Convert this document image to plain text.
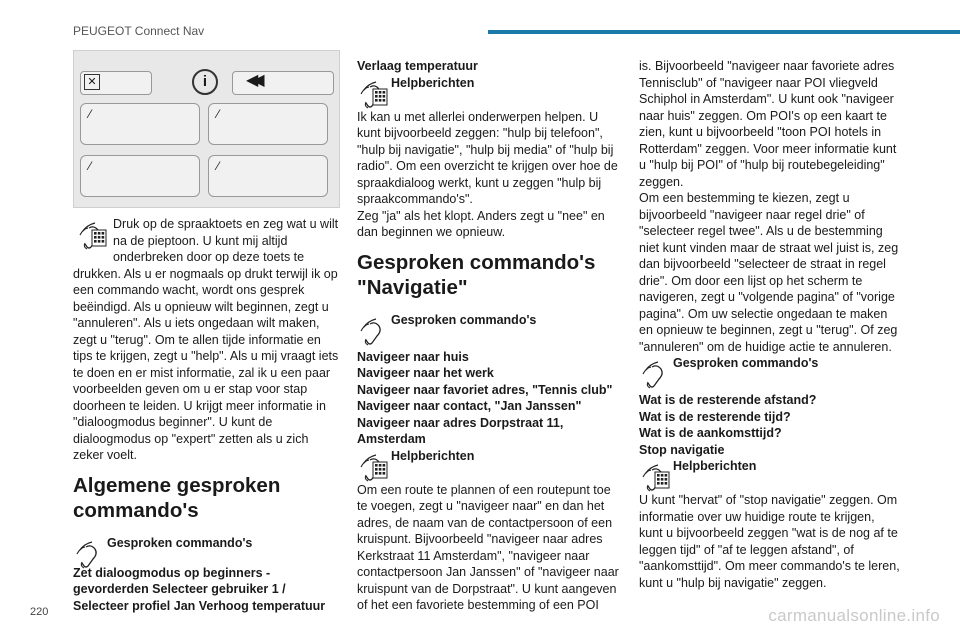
PEUGEOT Connect Nav
✕	i	◀◀
⁄	⁄
⁄	⁄

Druk op de spraaktoets en zeg wat u wilt na de pieptoon. U kunt mij altijd onderbreken door op deze toets te drukken. Als u er nogmaals op drukt terwijl ik op een commando wacht, wordt ons gesprek beëindigd. Als u opnieuw wilt beginnen, zegt u "annuleren". Als u iets ongedaan wilt maken, zegt u "terug". Om te allen tijde informatie en tips te krijgen, zegt u "help". Als u mij vraagt iets te doen en er mist informatie, zal ik u een paar voorbeelden geven om u er stap voor stap doorheen te leiden. U krijgt meer informatie in "dialoogmodus beginner". U kunt de dialoogmodus op "expert" zetten als u zich zeker voelt.

Algemene gesproken commando's
Gesproken commando's

Zet dialoogmodus op beginners - gevorderden Selecteer gebruiker 1 / Selecteer profiel Jan Verhoog temperatuur

Verlaag temperatuur

Helpberichten

Ik kan u met allerlei onderwerpen helpen. U kunt bijvoorbeeld zeggen: "hulp bij telefoon", "hulp bij navigatie", "hulp bij media" of "hulp bij radio". Om een overzicht te krijgen over hoe de spraakdialoog werkt, kunt u zeggen "hulp bij spraakcommando's".

Zeg "ja" als het klopt. Anders zegt u "nee" en dan beginnen we opnieuw.

Gesproken commando's "Navigatie"
Gesproken commando's

Navigeer naar huis

Navigeer naar het werk

Navigeer naar favoriet adres, "Tennis club"

Navigeer naar contact, "Jan Janssen"

Navigeer naar adres Dorpstraat 11, Amsterdam

Helpberichten

Om een route te plannen of een routepunt toe te voegen, zegt u "navigeer naar" en dan het adres, de naam van de contactpersoon of een kruispunt. Bijvoorbeeld "navigeer naar adres Kerkstraat 11 Amsterdam", "navigeer naar contactpersoon Jan Janssen" of "navigeer naar kruispunt van de Dorpstraat". U kunt aangeven of het een favoriete bestemming of een POI

is. Bijvoorbeeld "navigeer naar favoriete adres Tennisclub" of "navigeer naar POI vliegveld Schiphol in Amsterdam". U kunt ook "navigeer naar huis" zeggen. Om POI's op een kaart te zien, kunt u bijvoorbeeld "toon POI hotels in Rotterdam" zeggen. Voor meer informatie kunt u "hulp bij POI" of "hulp bij routebegeleiding" zeggen.

Om een bestemming te kiezen, zegt u bijvoorbeeld "navigeer naar regel drie" of "selecteer regel twee". Als u de bestemming niet kunt vinden maar de straat wel juist is, zeg dan bijvoorbeeld "selecteer de straat in regel drie". Om door een lijst op het scherm te navigeren, zegt u "volgende pagina" of "vorige pagina". Om uw selectie ongedaan te maken en opnieuw te beginnen, zegt u "terug". Of zeg "annuleren" om de huidige actie te annuleren.

Gesproken commando's

Wat is de resterende afstand?

Wat is de resterende tijd?

Wat is de aankomsttijd?

Stop navigatie

Helpberichten

U kunt "hervat" of "stop navigatie" zeggen. Om informatie over uw huidige route te krijgen, kunt u bijvoorbeeld zeggen "wat is de nog af te leggen tijd" of "af te leggen afstand", of "aankomsttijd". Om meer commando's te leren, kunt u "hulp bij navigatie" zeggen.

220	carmanualsonline.info
